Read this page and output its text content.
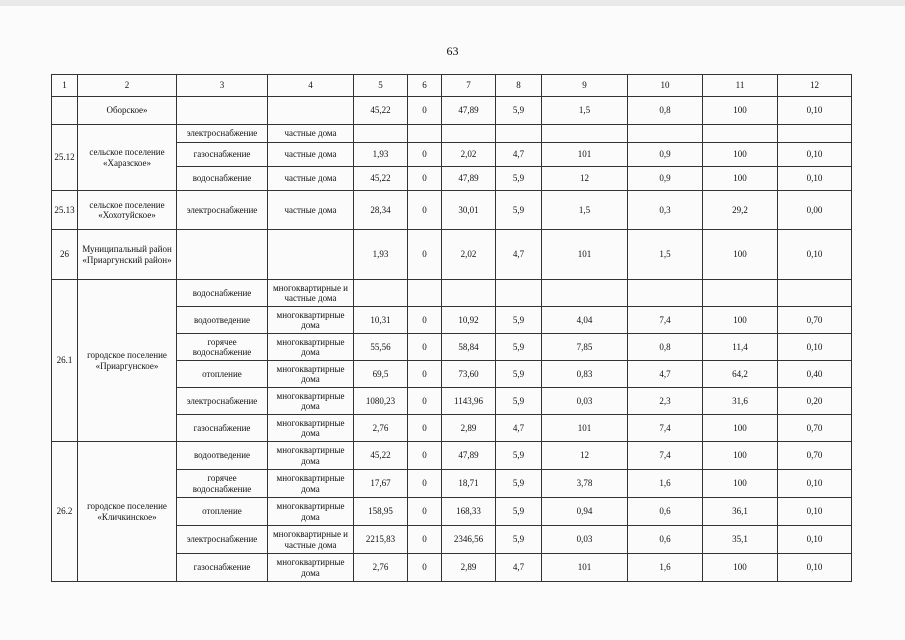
63
1	2	3	4	5	6	7	8	9	10	11	12
	Оборское»			45,22	0	47,89	5,9	1,5	0,8	100	0,10
25.12	сельское поселение «Харазское»	электроснабжение	частные дома								
		газоснабжение	частные дома	1,93	0	2,02	4,7	101	0,9	100	0,10
		водоснабжение	частные дома	45,22	0	47,89	5,9	12	0,9	100	0,10
25.13	сельское поселение «Хохотуйское»	электроснабжение	частные дома	28,34	0	30,01	5,9	1,5	0,3	29,2	0,00
26	Муниципальный район «Приаргунский район»			1,93	0	2,02	4,7	101	1,5	100	0,10
26.1	городское поселение «Приаргунское»	водоснабжение	многоквартирные и частные дома								
		водоотведение	многоквартирные дома	10,31	0	10,92	5,9	4,04	7,4	100	0,70
		горячее водоснабжение	многоквартирные дома	55,56	0	58,84	5,9	7,85	0,8	11,4	0,10
		отопление	многоквартирные дома	69,5	0	73,60	5,9	0,83	4,7	64,2	0,40
		электроснабжение	многоквартирные дома	1080,23	0	1143,96	5,9	0,03	2,3	31,6	0,20
		газоснабжение	многоквартирные дома	2,76	0	2,89	4,7	101	7,4	100	0,70
26.2	городское поселение «Кличкинское»	водоотведение	многоквартирные дома	45,22	0	47,89	5,9	12	7,4	100	0,70
		горячее водоснабжение	многоквартирные дома	17,67	0	18,71	5,9	3,78	1,6	100	0,10
		отопление	многоквартирные дома	158,95	0	168,33	5,9	0,94	0,6	36,1	0,10
		электроснабжение	многоквартирные и частные дома	2215,83	0	2346,56	5,9	0,03	0,6	35,1	0,10
		газоснабжение	многоквартирные дома	2,76	0	2,89	4,7	101	1,6	100	0,10
